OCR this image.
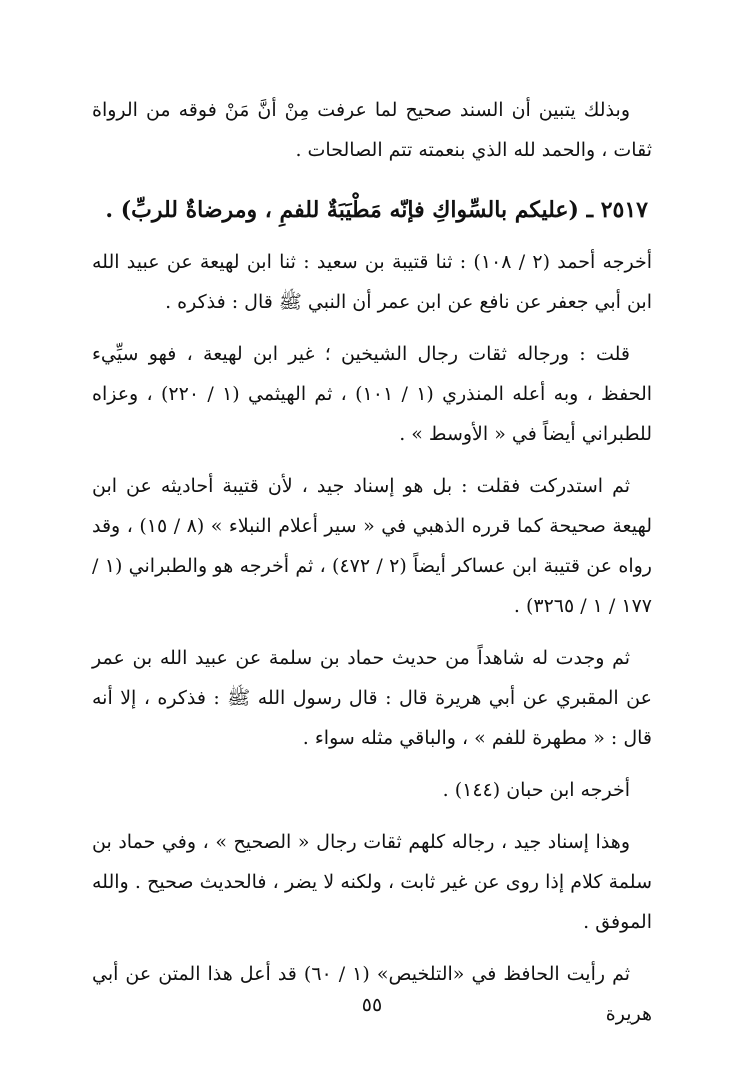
وبذلك يتبين أن السند صحيح لما عرفت مِنْ أنَّ مَنْ فوقه من الرواة ثقات ، والحمد لله الذي بنعمته تتم الصالحات .

٢٥١٧ ـ (عليكم بالسِّواكِ فإنّه مَطْيَبَةٌ للفمِ ، ومرضاةٌ للربِّ) .

أخرجه أحمد (٢ / ١٠٨) : ثنا قتيبة بن سعيد : ثنا ابن لهيعة عن عبيد الله ابن أبي جعفر عن نافع عن ابن عمر أن النبي ﷺ قال : فذكره .

قلت : ورجاله ثقات رجال الشيخين ؛ غير ابن لهيعة ، فهو سيِّيء الحفظ ، وبه أعله المنذري (١ / ١٠١) ، ثم الهيثمي (١ / ٢٢٠) ، وعزاه للطبراني أيضاً في « الأوسط » .

ثم استدركت فقلت : بل هو إسناد جيد ، لأن قتيبة أحاديثه عن ابن لهيعة صحيحة كما قرره الذهبي في « سير أعلام النبلاء » (٨ / ١٥) ، وقد رواه عن قتيبة ابن عساكر أيضاً (٢ / ٤٧٢) ، ثم أخرجه هو والطبراني (١ / ١٧٧ / ١ / ٣٢٦٥) .

ثم وجدت له شاهداً من حديث حماد بن سلمة عن عبيد الله بن عمر عن المقبري عن أبي هريرة قال : قال رسول الله ﷺ : فذكره ، إلا أنه قال : « مطهرة للفم » ، والباقي مثله سواء .

أخرجه ابن حبان (١٤٤) .

وهذا إسناد جيد ، رجاله كلهم ثقات رجال « الصحيح » ، وفي حماد بن سلمة كلام إذا روى عن غير ثابت ، ولكنه لا يضر ، فالحديث صحيح . والله الموفق .

ثم رأيت الحافظ في «التلخيص» (١ / ٦٠) قد أعل هذا المتن عن أبي هريرة

٥٥
